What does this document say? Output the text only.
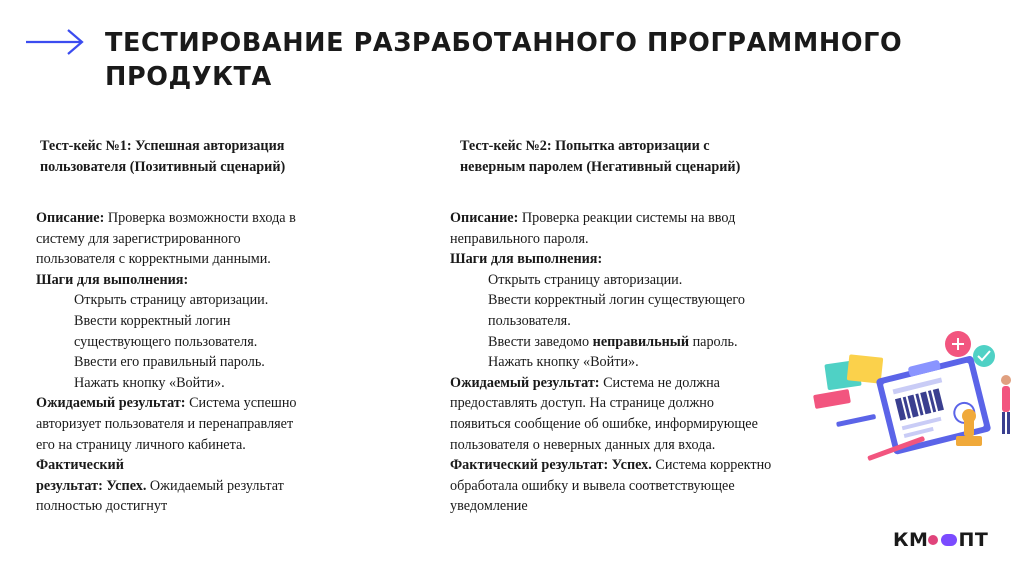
ТЕСТИРОВАНИЕ РАЗРАБОТАННОГО ПРОГРАММНОГО
ПРОДУКТА
Тест-кейс №1: Успешная авторизация
пользователя (Позитивный сценарий)
Тест-кейс №2: Попытка авторизации с
неверным паролем (Негативный сценарий)
Описание: Проверка возможности входа в
систему для зарегистрированного
пользователя с корректными данными.
Шаги для выполнения:
Открыть страницу авторизации.
Ввести корректный логин
существующего пользователя.
Ввести его правильный пароль.
Нажать кнопку «Войти».
Ожидаемый результат: Система успешно
авторизует пользователя и перенаправляет
его на страницу личного кабинета.
Фактический
результат: Успех. Ожидаемый результат
полностью достигнут
Описание: Проверка реакции системы на ввод
неправильного пароля.
Шаги для выполнения:
Открыть страницу авторизации.
Ввести корректный логин существующего
пользователя.
Ввести заведомо неправильный пароль.
Нажать кнопку «Войти».
Ожидаемый результат: Система не должна
предоставлять доступ. На странице должно
появиться сообщение об ошибке, информирующее
пользователя о неверных данных для входа.
Фактический результат: Успех. Система корректно
обработала ошибку и вывела соответствующее
уведомление
КМ ПТ
